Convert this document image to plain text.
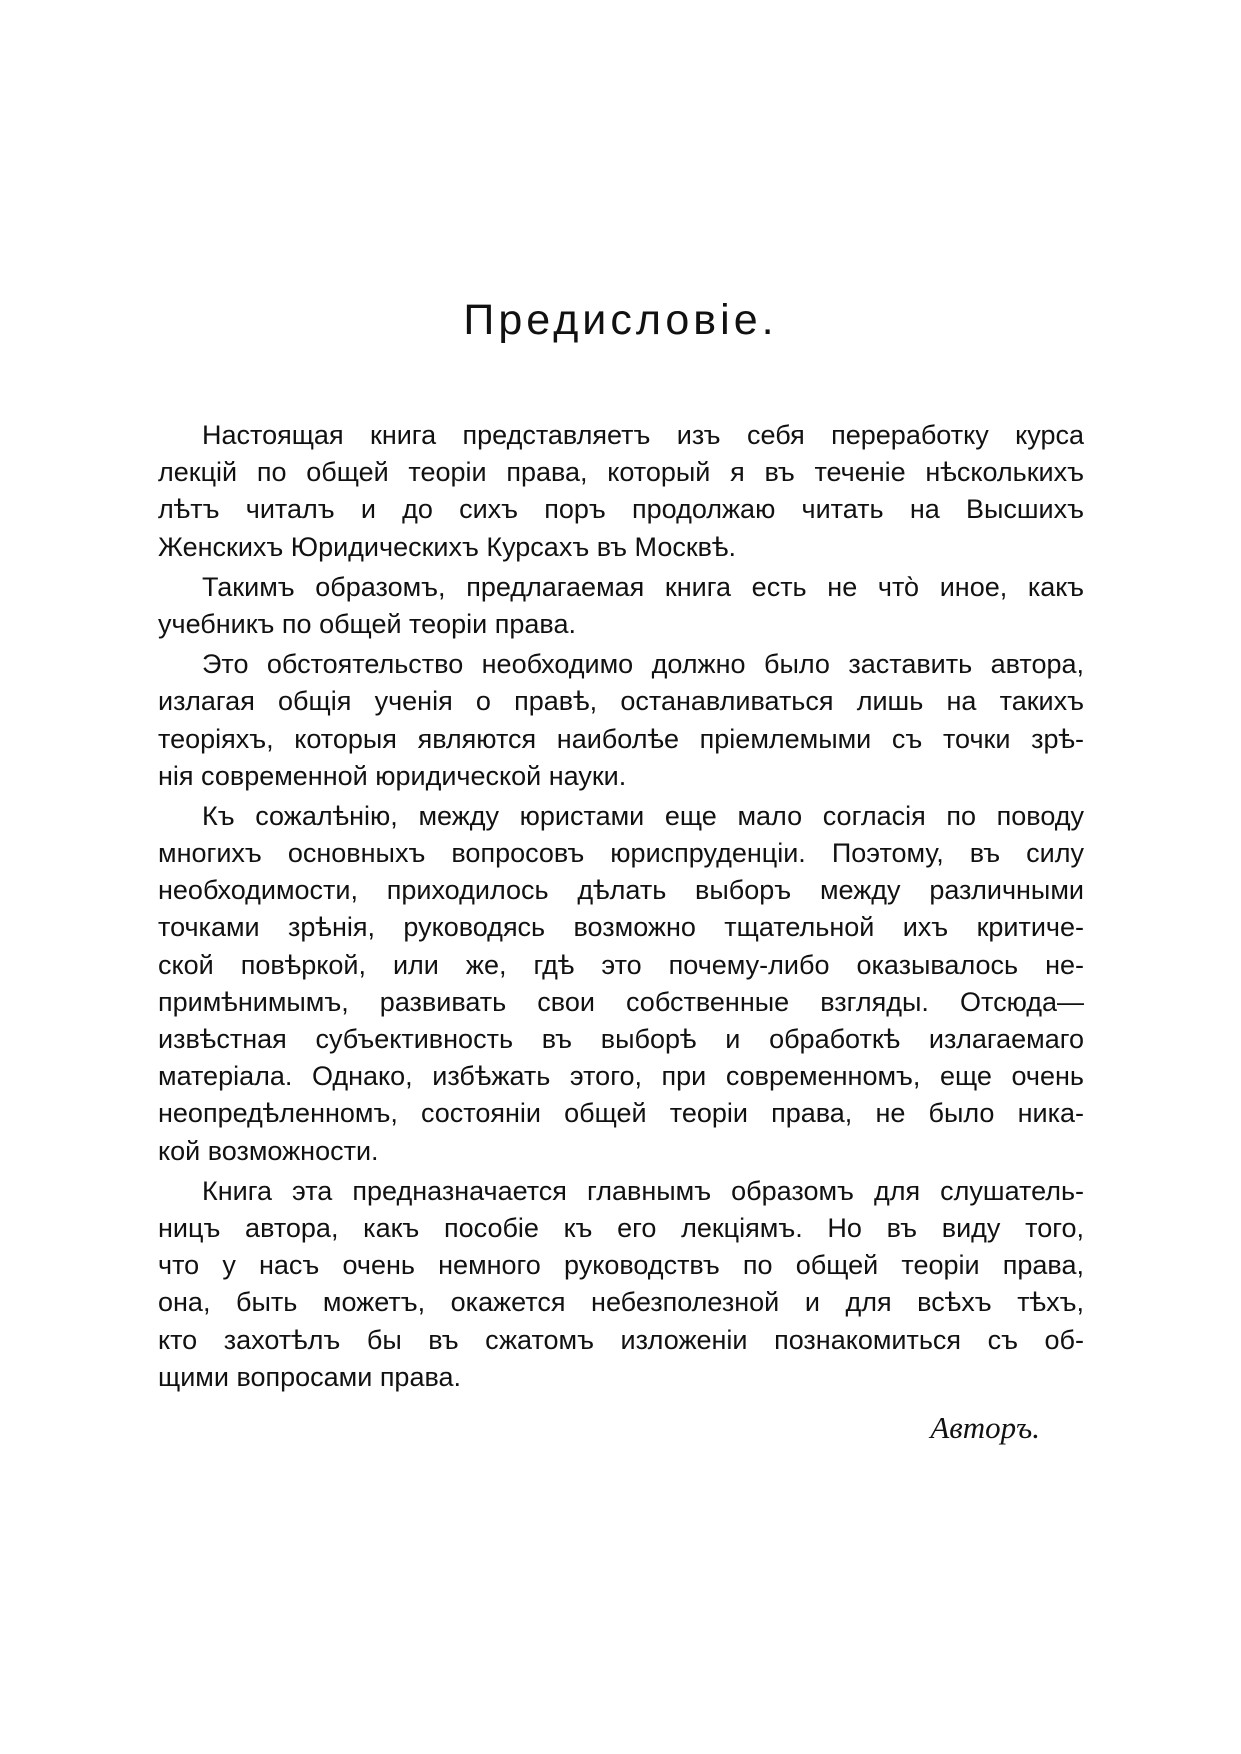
Предисловіе.
Настоящая книга представляетъ изъ себя переработку курса
лекцій по общей теоріи права, который я въ теченіе нѣсколькихъ
лѣтъ читалъ и до сихъ поръ продолжаю читать на Высшихъ
Женскихъ Юридическихъ Курсахъ въ Москвѣ.
Такимъ образомъ, предлагаемая книга есть не что̀ иное, какъ
учебникъ по общей теоріи права.
Это обстоятельство необходимо должно было заставить автора,
излагая общія ученія о правѣ, останавливаться лишь на такихъ
теоріяхъ, которыя являются наиболѣе пріемлемыми съ точки зрѣ-
нія современной юридической науки.
Къ сожалѣнію, между юристами еще мало согласія по поводу
многихъ основныхъ вопросовъ юриспруденціи. Поэтому, въ силу
необходимости, приходилось дѣлать выборъ между различными
точками зрѣнія, руководясь возможно тщательной ихъ критиче-
ской повѣркой, или же, гдѣ это почему-либо оказывалось не-
примѣнимымъ, развивать свои собственные взгляды. Отсюда—
извѣстная субъективность въ выборѣ и обработкѣ излагаемаго
матеріала. Однако, избѣжать этого, при современномъ, еще очень
неопредѣленномъ, состояніи общей теоріи права, не было ника-
кой возможности.
Книга эта предназначается главнымъ образомъ для слушатель-
ницъ автора, какъ пособіе къ его лекціямъ. Но въ виду того,
что у насъ очень немного руководствъ по общей теоріи права,
она, быть можетъ, окажется небезполезной и для всѣхъ тѣхъ,
кто захотѣлъ бы въ сжатомъ изложеніи познакомиться съ об-
щими вопросами права.
Авторъ.
